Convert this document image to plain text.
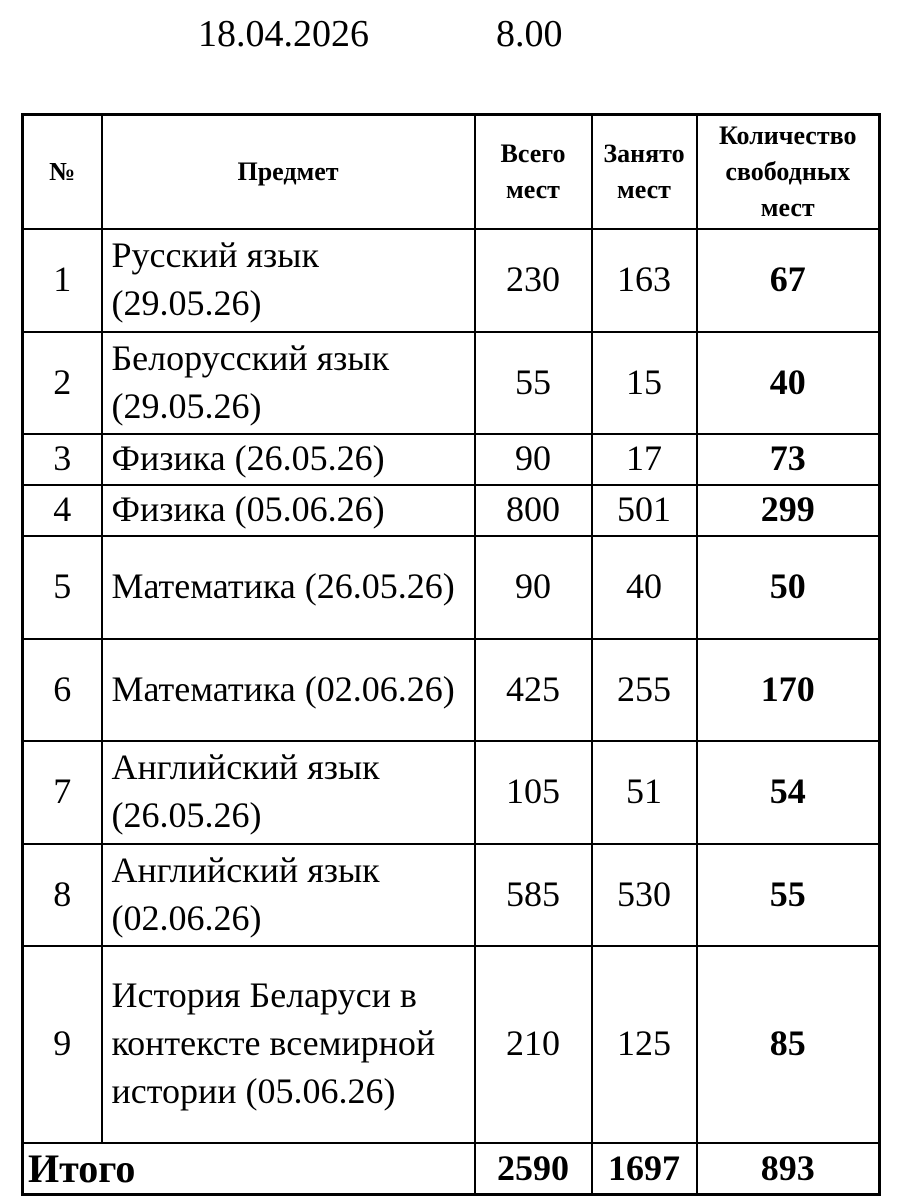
18.04.2026	8.00
№	Предмет	Всего мест	Занято мест	Количество свободных мест
1	Русский язык (29.05.26)	230	163	67
2	Белорусский язык (29.05.26)	55	15	40
3	Физика (26.05.26)	90	17	73
4	Физика (05.06.26)	800	501	299
5	Математика (26.05.26)	90	40	50
6	Математика (02.06.26)	425	255	170
7	Английский язык (26.05.26)	105	51	54
8	Английский язык (02.06.26)	585	530	55
9	История Беларуси в контексте всемирной истории (05.06.26)	210	125	85
Итого		2590	1697	893
